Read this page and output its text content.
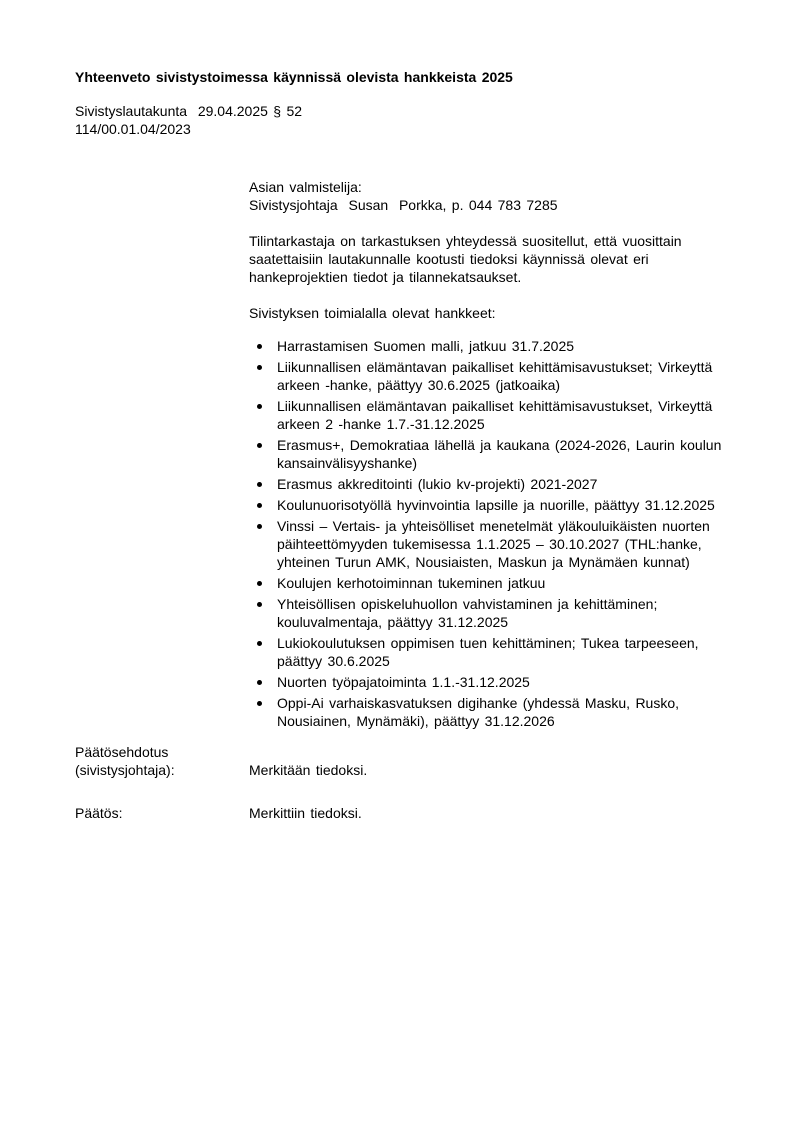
Yhteenveto sivistystoimessa käynnissä olevista hankkeista 2025
Sivistyslautakunta  29.04.2025 § 52
114/00.01.04/2023
Asian valmistelija:
Sivistysjohtaja  Susan  Porkka, p. 044 783 7285

Tilintarkastaja on tarkastuksen yhteydessä suositellut, että vuosittain saatettaisiin lautakunnalle kootusti tiedoksi käynnissä olevat eri hankeprojektien tiedot ja tilannekatsaukset.

Sivistyksen toimialalla olevat hankkeet:

Harrastamisen Suomen malli, jatkuu 31.7.2025
Liikunnallisen elämäntavan paikalliset kehittämisavustukset; Virkeyttä arkeen -hanke, päättyy 30.6.2025 (jatkoaika)
Liikunnallisen elämäntavan paikalliset kehittämisavustukset, Virkeyttä arkeen 2 -hanke 1.7.-31.12.2025
Erasmus+, Demokratiaa lähellä ja kaukana (2024-2026, Laurin koulun kansainvälisyyshanke)
Erasmus akkreditointi (lukio kv-projekti) 2021-2027
Koulunuorisotyöllä hyvinvointia lapsille ja nuorille, päättyy 31.12.2025
Vinssi – Vertais- ja yhteisölliset menetelmät yläkouluikäisten nuorten päihteettömyyden tukemisessa 1.1.2025 – 30.10.2027 (THL:hanke, yhteinen Turun AMK, Nousiaisten, Maskun ja Mynämäen kunnat)
Koulujen kerhotoiminnan tukeminen jatkuu
Yhteisöllisen opiskeluhuollon vahvistaminen ja kehittäminen; kouluvalmentaja, päättyy 31.12.2025
Lukiokoulutuksen oppimisen tuen kehittäminen; Tukea tarpeeseen, päättyy 30.6.2025
Nuorten työpajatoiminta 1.1.-31.12.2025
Oppi-Ai varhaiskasvatuksen digihanke (yhdessä Masku, Rusko, Nousiainen, Mynämäki), päättyy 31.12.2026
Päätösehdotus
(sivistysjohtaja):	Merkitään tiedoksi.
Päätös:	Merkittiin tiedoksi.
